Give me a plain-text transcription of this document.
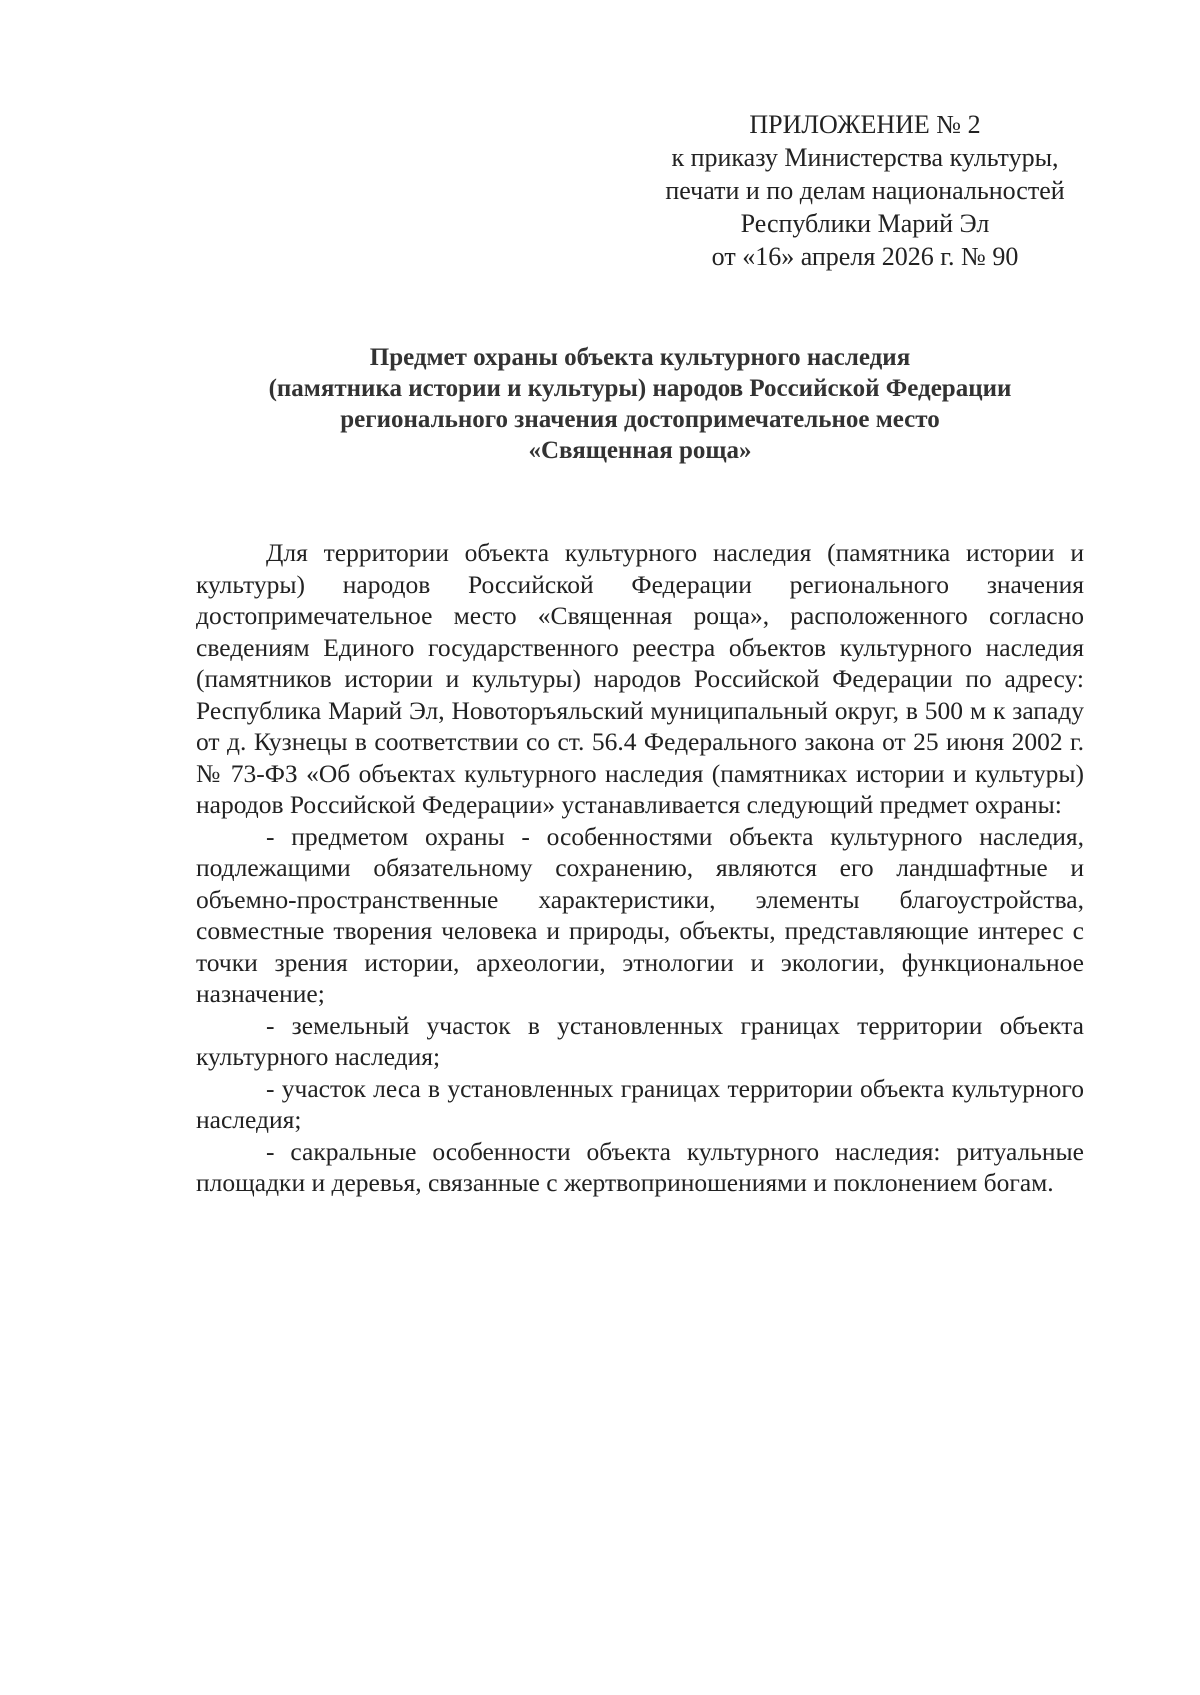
ПРИЛОЖЕНИЕ № 2
к приказу Министерства культуры,
печати и по делам национальностей
Республики Марий Эл
от «16» апреля 2026 г. № 90
Предмет охраны объекта культурного наследия
(памятника истории и культуры) народов Российской Федерации
регионального значения достопримечательное место
«Священная роща»

Для территории объекта культурного наследия (памятника истории и культуры) народов Российской Федерации регионального значения достопримечательное место «Священная роща», расположенного согласно сведениям Единого государственного реестра объектов культурного наследия (памятников истории и культуры) народов Российской Федерации по адресу: Республика Марий Эл, Новоторъяльский муниципальный округ, в 500 м к западу от д. Кузнецы в соответствии со ст. 56.4 Федерального закона от 25 июня 2002 г. № 73-ФЗ «Об объектах культурного наследия (памятниках истории и культуры) народов Российской Федерации» устанавливается следующий предмет охраны:

- предметом охраны - особенностями объекта культурного наследия, подлежащими обязательному сохранению, являются его ландшафтные и объемно-пространственные характеристики, элементы благоустройства, совместные творения человека и природы, объекты, представляющие интерес с точки зрения истории, археологии, этнологии и экологии, функциональное назначение;

- земельный участок в установленных границах территории объекта культурного наследия;

- участок леса в установленных границах территории объекта культурного наследия;

- сакральные особенности объекта культурного наследия: ритуальные площадки и деревья, связанные с жертвоприношениями и поклонением богам.
